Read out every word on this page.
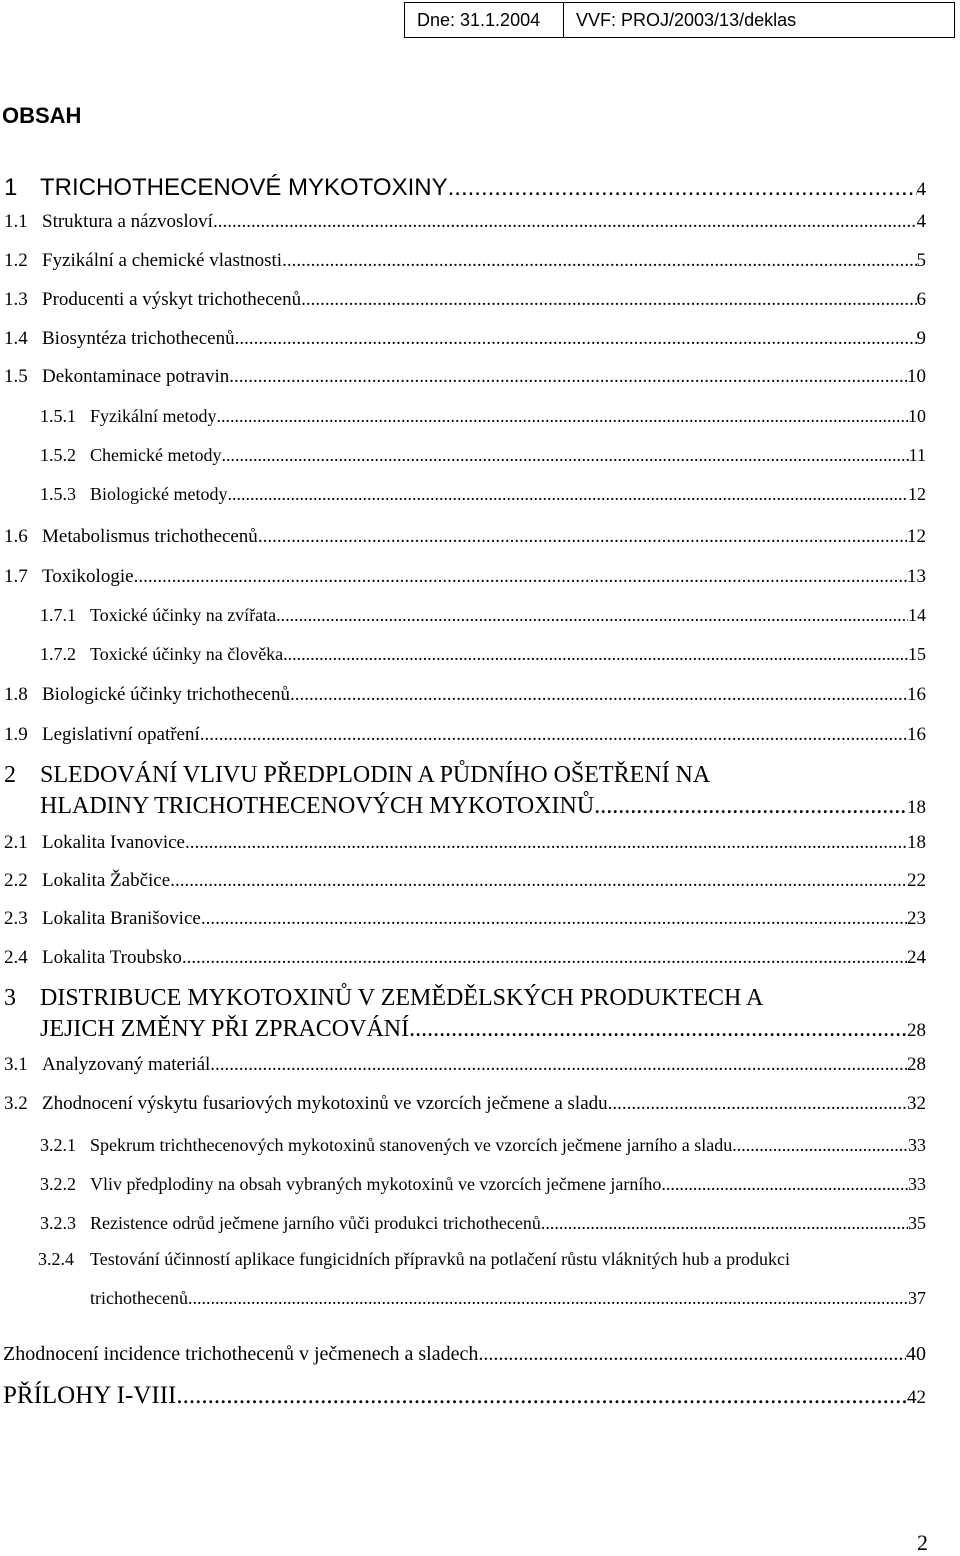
Dne: 31.1.2004	VVF: PROJ/2003/13/deklas
OBSAH
1 TRICHOTHECENOVÉ MYKOTOXINY .....	4
1.1 Struktura a názvosloví .....	4
1.2 Fyzikální a chemické vlastnosti .....	5
1.3 Producenti a výskyt trichothecenů .....	6
1.4 Biosyntéza trichothecenů .....	9
1.5 Dekontaminace potravin .....	10
1.5.1 Fyzikální metody .....	10
1.5.2 Chemické metody .....	11
1.5.3 Biologické metody .....	12
1.6 Metabolismus trichothecenů .....	12
1.7 Toxikologie .....	13
1.7.1 Toxické účinky na zvířata .....	14
1.7.2 Toxické účinky na člověka .....	15
1.8 Biologické účinky trichothecenů .....	16
1.9 Legislativní opatření .....	16
2 SLEDOVÁNÍ VLIVU PŘEDPLODIN A PŮDNÍHO OŠETŘENÍ NA
HLADINY TRICHOTHECENOVÝCH MYKOTOXINŮ .....	18
2.1 Lokalita Ivanovice .....	18
2.2 Lokalita Žabčice .....	22
2.3 Lokalita Branišovice .....	23
2.4 Lokalita Troubsko .....	24
3 DISTRIBUCE MYKOTOXINŮ V ZEMĚDĚLSKÝCH PRODUKTECH A
JEJICH ZMĚNY PŘI ZPRACOVÁNÍ .....	28
3.1 Analyzovaný materiál .....	28
3.2 Zhodnocení výskytu fusariových mykotoxinů ve vzorcích ječmene a sladu .....	32
3.2.1 Spekrum trichthecenových mykotoxinů stanovených ve vzorcích ječmene jarního a sladu .....	33
3.2.2 Vliv předplodiny na obsah vybraných mykotoxinů ve vzorcích ječmene jarního .....	33
3.2.3 Rezistence odrůd ječmene jarního vůči produkci trichothecenů .....	35
3.2.4 Testování účinností aplikace fungicidních přípravků na potlačení růstu vláknitých hub a produkci
trichothecenů .....	37
Zhodnocení incidence trichothecenů v ječmenech a sladech .....	40
PŘÍLOHY I-VIII .....	42
2
